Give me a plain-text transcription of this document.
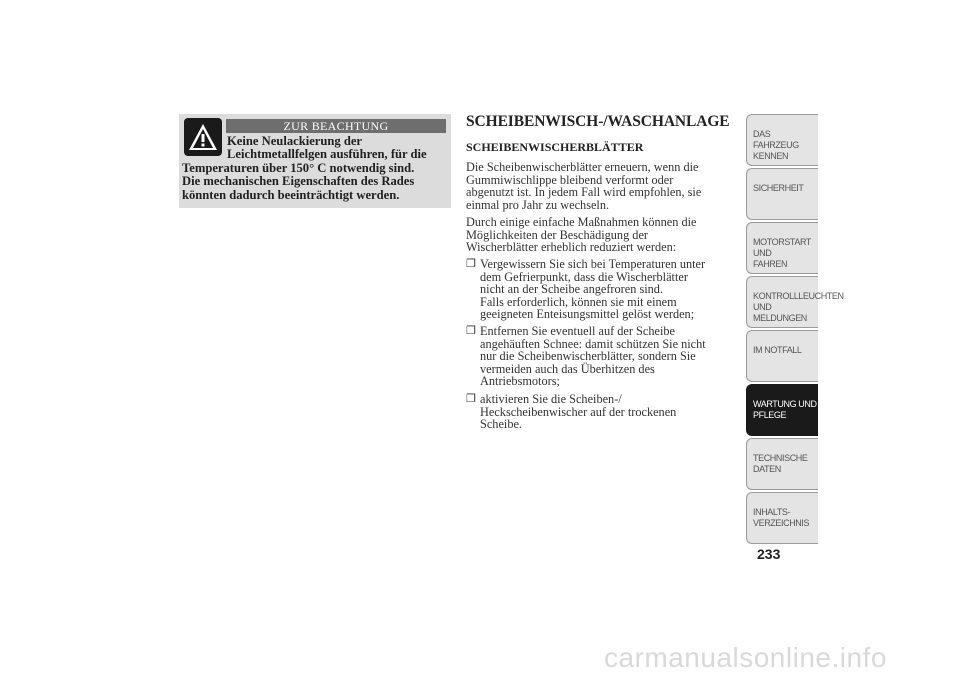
ZUR BEACHTUNG
Keine Neulackierung der
Leichtmetallfelgen ausführen, für die
Temperaturen über 150° C notwendig sind.
Die mechanischen Eigenschaften des Rades
könnten dadurch beeinträchtigt werden.
SCHEIBENWISCH-/WASCHANLAGE
SCHEIBENWISCHERBLÄTTER
Die Scheibenwischerblätter erneuern, wenn die
Gummiwischlippe bleibend verformt oder
abgenutzt ist. In jedem Fall wird empfohlen, sie
einmal pro Jahr zu wechseln.
Durch einige einfache Maßnahmen können die
Möglichkeiten der Beschädigung der
Wischerblätter erheblich reduziert werden:
❒ Vergewissern Sie sich bei Temperaturen unter
dem Gefrierpunkt, dass die Wischerblätter
nicht an der Scheibe angefroren sind.
Falls erforderlich, können sie mit einem
geeigneten Enteisungsmittel gelöst werden;
❒ Entfernen Sie eventuell auf der Scheibe
angehäuften Schnee: damit schützen Sie nicht
nur die Scheibenwischerblätter, sondern Sie
vermeiden auch das Überhitzen des
Antriebsmotors;
❒ aktivieren Sie die Scheiben-/
Heckscheibenwischer auf der trockenen
Scheibe.
DAS FAHRZEUG
KENNEN
SICHERHEIT
MOTORSTART UND
FAHREN
KONTROLLLEUCHTEN
UND MELDUNGEN
IM NOTFALL
WARTUNG UND
PFLEGE
TECHNISCHE
DATEN
INHALTS-
VERZEICHNIS
233
carmanualsonline.info
